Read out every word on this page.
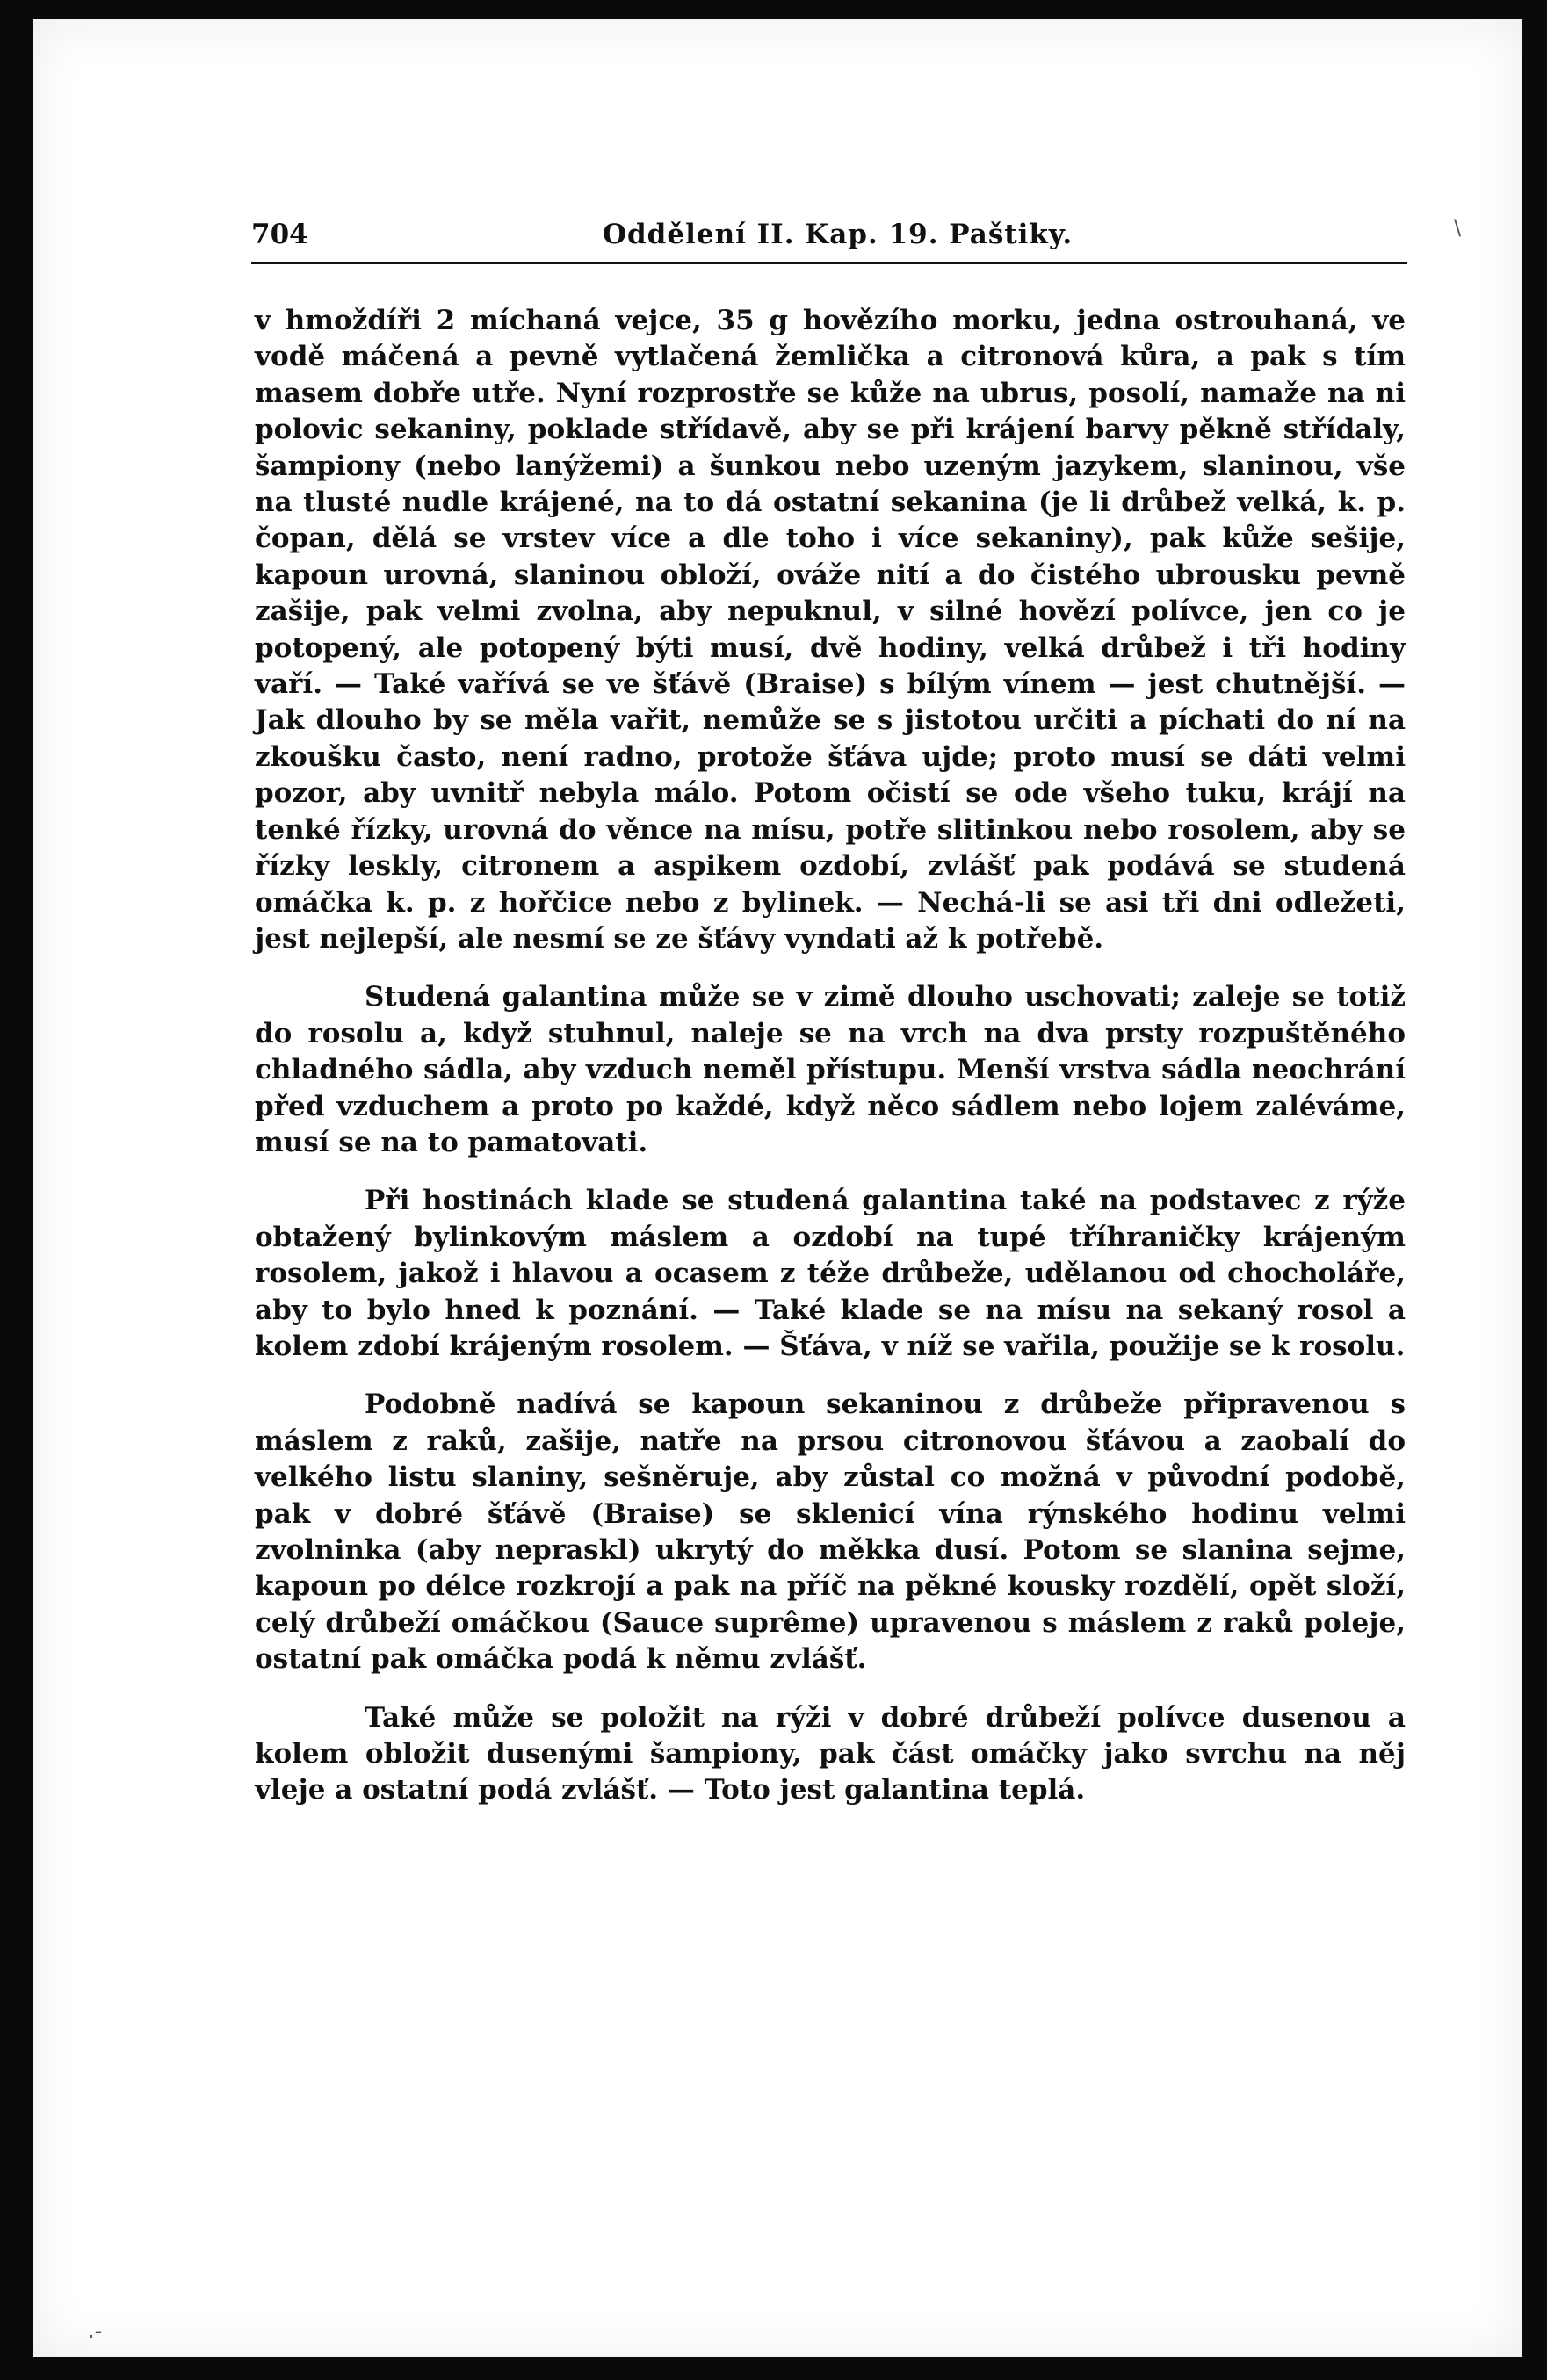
704	Oddělení II. Kap. 19. Paštiky.

v hmoždíři 2 míchaná vejce, 35 g hovězího morku, jedna ostrouhaná, ve vodě máčená a pevně vytlačená žemlička a citronová kůra, a pak s tím masem dobře utře. Nyní rozprostře se kůže na ubrus, posolí, namaže na ni polovic sekaniny, poklade střídavě, aby se při krájení barvy pěkně střídaly, šampiony (nebo lanýžemi) a šunkou nebo uzeným jazykem, slaninou, vše na tlusté nudle krájené, na to dá ostatní sekanina (je li drůbež velká, k. p. čopan, dělá se vrstev více a dle toho i více sekaniny), pak kůže sešije, kapoun urovná, slaninou obloží, ováže nití a do čistého ubrousku pevně zašije, pak velmi zvolna, aby nepuknul, v silné hovězí polívce, jen co je potopený, ale potopený býti musí, dvě hodiny, velká drůbež i tři hodiny vaří. — Také vařívá se ve šťávě (Braise) s bílým vínem — jest chutnější. — Jak dlouho by se měla vařit, nemůže se s jistotou určiti a píchati do ní na zkoušku často, není radno, protože šťáva ujde; proto musí se dáti velmi pozor, aby uvnitř nebyla málo. Potom očistí se ode všeho tuku, krájí na tenké řízky, urovná do věnce na mísu, potře slitinkou nebo rosolem, aby se řízky leskly, citronem a aspikem ozdobí, zvlášť pak podává se studená omáčka k. p. z hořčice nebo z bylinek. — Nechá-li se asi tři dni odležeti, jest nejlepší, ale nesmí se ze šťávy vyndati až k potřebě.

Studená galantina může se v zimě dlouho uschovati; zaleje se totiž do rosolu a, když stuhnul, naleje se na vrch na dva prsty rozpuštěného chladného sádla, aby vzduch neměl přístupu. Menší vrstva sádla neochrání před vzduchem a proto po každé, když něco sádlem nebo lojem zaléváme, musí se na to pamatovati.

Při hostinách klade se studená galantina také na podstavec z rýže obtažený bylinkovým máslem a ozdobí na tupé tříhraničky krájeným rosolem, jakož i hlavou a ocasem z téže drůbeže, udělanou od chocholáře, aby to bylo hned k poznání. — Také klade se na mísu na sekaný rosol a kolem zdobí krájeným rosolem. — Šťáva, v níž se vařila, použije se k rosolu.

Podobně nadívá se kapoun sekaninou z drůbeže připravenou s máslem z raků, zašije, natře na prsou citronovou šťávou a zaobalí do velkého listu slaniny, sešněruje, aby zůstal co možná v původní podobě, pak v dobré šťávě (Braise) se sklenicí vína rýnského hodinu velmi zvolninka (aby nepraskl) ukrytý do měkka dusí. Potom se slanina sejme, kapoun po délce rozkrojí a pak na příč na pěkné kousky rozdělí, opět složí, celý drůbeží omáčkou (Sauce suprême) upravenou s máslem z raků poleje, ostatní pak omáčka podá k němu zvlášť.

Také může se položit na rýži v dobré drůbeží polívce dusenou a kolem obložit dusenými šampiony, pak část omáčky jako svrchu na něj vleje a ostatní podá zvlášť. — Toto jest galantina teplá.

\
.-
